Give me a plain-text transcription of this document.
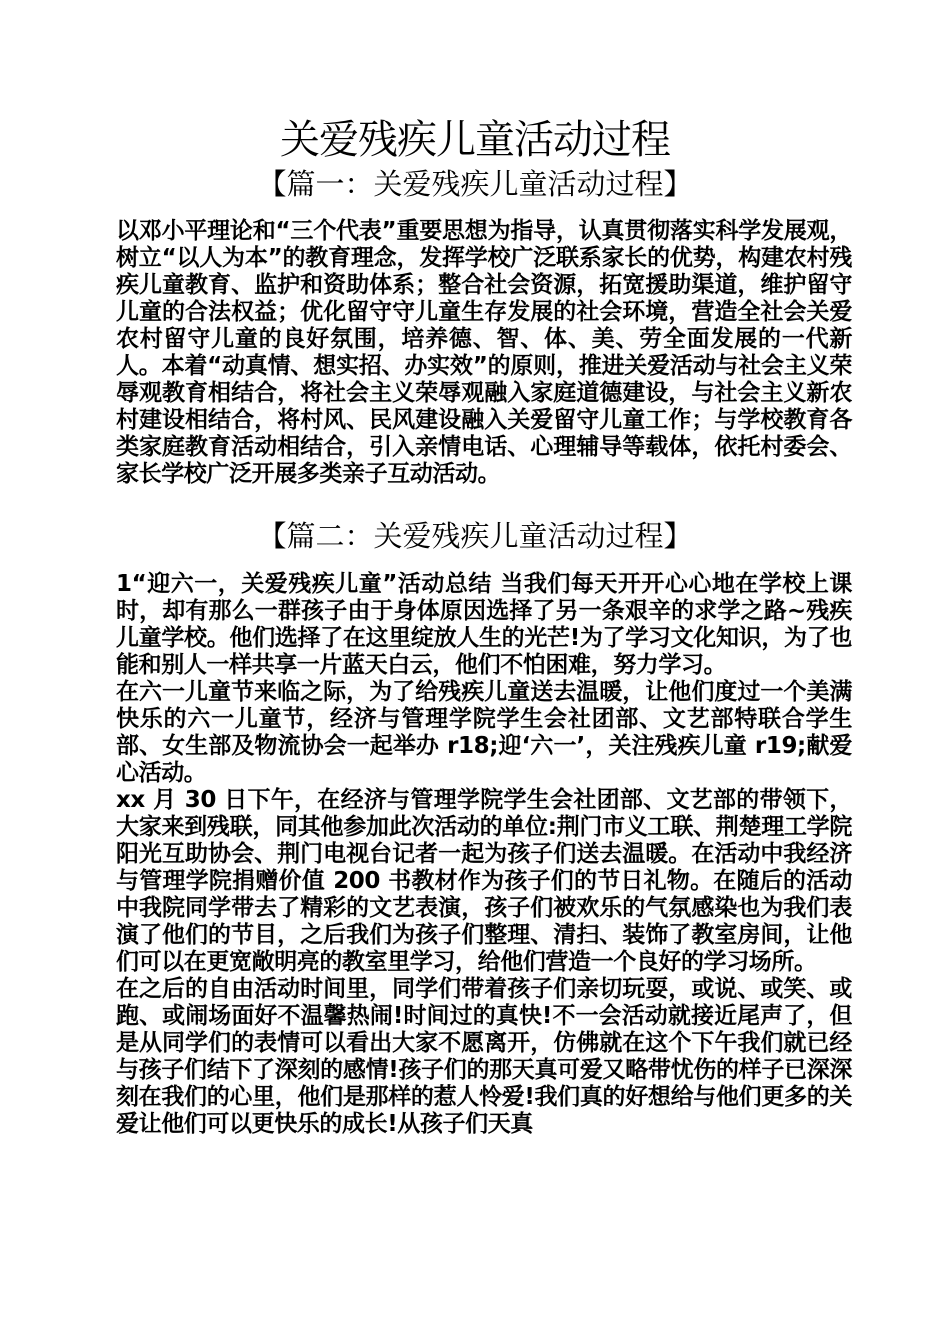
关爱残疾儿童活动过程
【篇一：关爱残疾儿童活动过程】

以邓小平理论和“三个代表”重要思想为指导，认真贯彻落实科学发展观，树立“以人为本”的教育理念，发挥学校广泛联系家长的优势，构建农村残疾儿童教育、监护和资助体系；整合社会资源，拓宽援助渠道，维护留守儿童的合法权益；优化留守守儿童生存发展的社会环境，营造全社会关爱农村留守儿童的良好氛围，培养德、智、体、美、劳全面发展的一代新人。本着“动真情、想实招、办实效”的原则，推进关爱活动与社会主义荣辱观教育相结合，将社会主义荣辱观融入家庭道德建设，与社会主义新农村建设相结合，将村风、民风建设融入关爱留守儿童工作；与学校教育各类家庭教育活动相结合，引入亲情电话、心理辅导等载体，依托村委会、家长学校广泛开展多类亲子互动活动。

【篇二：关爱残疾儿童活动过程】

1“迎六一，关爱残疾儿童”活动总结 当我们每天开开心心地在学校上课时，却有那么一群孩子由于身体原因选择了另一条艰辛的求学之路~残疾儿童学校。他们选择了在这里绽放人生的光芒!为了学习文化知识，为了也能和别人一样共享一片蓝天白云，他们不怕困难，努力学习。

在六一儿童节来临之际，为了给残疾儿童送去温暖，让他们度过一个美满快乐的六一儿童节，经济与管理学院学生会社团部、文艺部特联合学生部、女生部及物流协会一起举办 r18;迎‘六一’，关注残疾儿童 r19;献爱心活动。

xx 月 30 日下午，在经济与管理学院学生会社团部、文艺部的带领下，大家来到残联，同其他参加此次活动的单位:荆门市义工联、荆楚理工学院阳光互助协会、荆门电视台记者一起为孩子们送去温暖。在活动中我经济与管理学院捐赠价值 200 书教材作为孩子们的节日礼物。在随后的活动中我院同学带去了精彩的文艺表演，孩子们被欢乐的气氛感染也为我们表演了他们的节目，之后我们为孩子们整理、清扫、装饰了教室房间，让他们可以在更宽敞明亮的教室里学习，给他们营造一个良好的学习场所。

在之后的自由活动时间里，同学们带着孩子们亲切玩耍，或说、或笑、或跑、或闹场面好不温馨热闹!时间过的真快!不一会活动就接近尾声了，但是从同学们的表情可以看出大家不愿离开，仿佛就在这个下午我们就已经与孩子们结下了深刻的感情!孩子们的那天真可爱又略带忧伤的样子已深深刻在我们的心里，他们是那样的惹人怜爱!我们真的好想给与他们更多的关爱让他们可以更快乐的成长!从孩子们天真
